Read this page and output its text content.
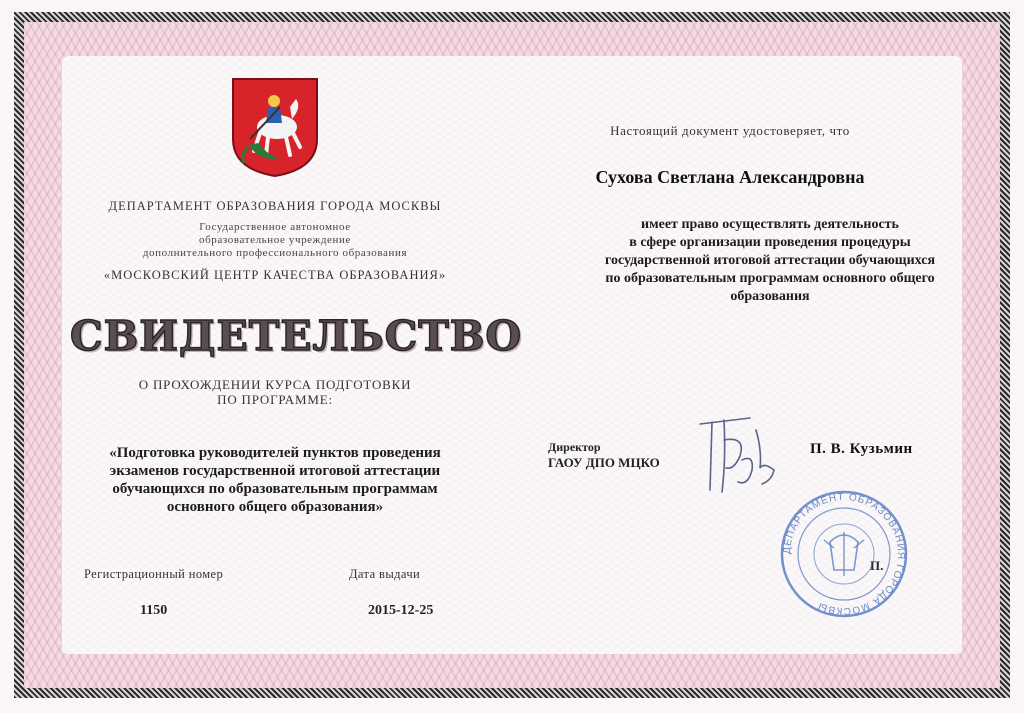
ДЕПАРТАМЕНТ ОБРАЗОВАНИЯ ГОРОДА МОСКВЫ
Государственное автономное
образовательное учреждение
дополнительного профессионального образования
«МОСКОВСКИЙ ЦЕНТР КАЧЕСТВА ОБРАЗОВАНИЯ»
СВИДЕТЕЛЬСТВО
О ПРОХОЖДЕНИИ КУРСА ПОДГОТОВКИ
ПО ПРОГРАММЕ:
«Подготовка руководителей пунктов проведения
экзаменов государственной итоговой аттестации
обучающихся по образовательным программам
основного общего образования»
Регистрационный номер	Дата выдачи
1150	2015-12-25
Настоящий документ удостоверяет, что
Сухова Светлана Александровна
имеет право осуществлять деятельность
в сфере организации проведения процедуры
государственной итоговой аттестации обучающихся
по образовательным программам основного общего
образования
Директор
ГАОУ ДПО МЦКО
П. В. Кузьмин
ДЕПАРТАМЕНТ ОБРАЗОВАНИЯ ГОРОДА МОСКВЫ
П.
